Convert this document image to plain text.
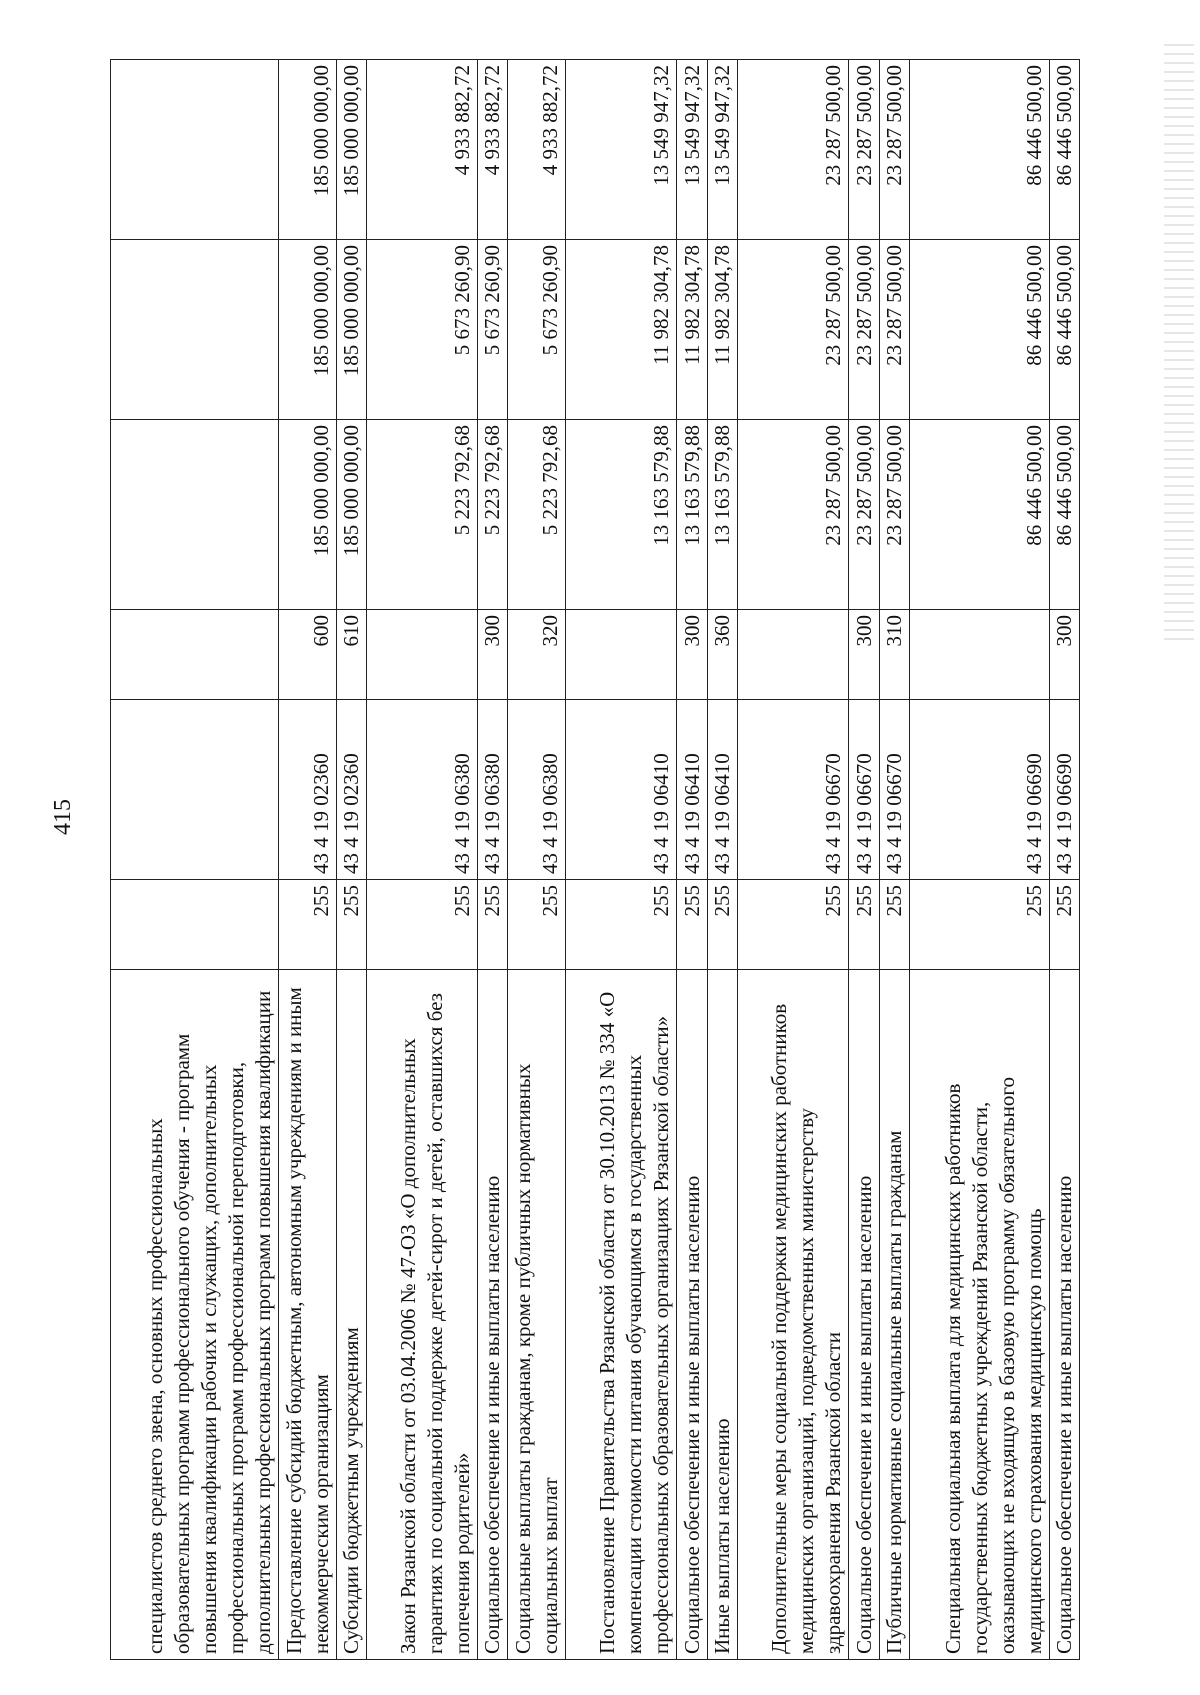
415
специалистов среднего звена, основных профессиональных образовательных программ профессионального обучения - программ повышения квалификации рабочих и служащих, дополнительных профессиональных программ профессиональной переподготовки, дополнительных профессиональных программ повышения квалификации						
Предоставление субсидий бюджетным, автономным учреждениям и иным некоммерческим организациям	255	43 4 19 02360	600	185 000 000,00	185 000 000,00	185 000 000,00
Субсидии бюджетным учреждениям	255	43 4 19 02360	610	185 000 000,00	185 000 000,00	185 000 000,00
Закон Рязанской области от 03.04.2006 № 47-ОЗ «О дополнительных гарантиях по социальной поддержке детей-сирот и детей, оставшихся без попечения родителей»	255	43 4 19 06380		5 223 792,68	5 673 260,90	4 933 882,72
Социальное обеспечение и иные выплаты населению	255	43 4 19 06380	300	5 223 792,68	5 673 260,90	4 933 882,72
Социальные выплаты гражданам, кроме публичных нормативных социальных выплат	255	43 4 19 06380	320	5 223 792,68	5 673 260,90	4 933 882,72
Постановление Правительства Рязанской области от 30.10.2013 № 334 «О компенсации стоимости питания обучающимся в государственных профессиональных образовательных организациях Рязанской области»	255	43 4 19 06410		13 163 579,88	11 982 304,78	13 549 947,32
Социальное обеспечение и иные выплаты населению	255	43 4 19 06410	300	13 163 579,88	11 982 304,78	13 549 947,32
Иные выплаты населению	255	43 4 19 06410	360	13 163 579,88	11 982 304,78	13 549 947,32
Дополнительные меры социальной поддержки медицинских работников медицинских организаций, подведомственных министерству здравоохранения Рязанской области	255	43 4 19 06670		23 287 500,00	23 287 500,00	23 287 500,00
Социальное обеспечение и иные выплаты населению	255	43 4 19 06670	300	23 287 500,00	23 287 500,00	23 287 500,00
Публичные нормативные социальные выплаты гражданам	255	43 4 19 06670	310	23 287 500,00	23 287 500,00	23 287 500,00
Специальная социальная выплата для медицинских работников государственных бюджетных учреждений Рязанской области, оказывающих не входящую в базовую программу обязательного медицинского страхования медицинскую помощь	255	43 4 19 06690		86 446 500,00	86 446 500,00	86 446 500,00
Социальное обеспечение и иные выплаты населению	255	43 4 19 06690	300	86 446 500,00	86 446 500,00	86 446 500,00
